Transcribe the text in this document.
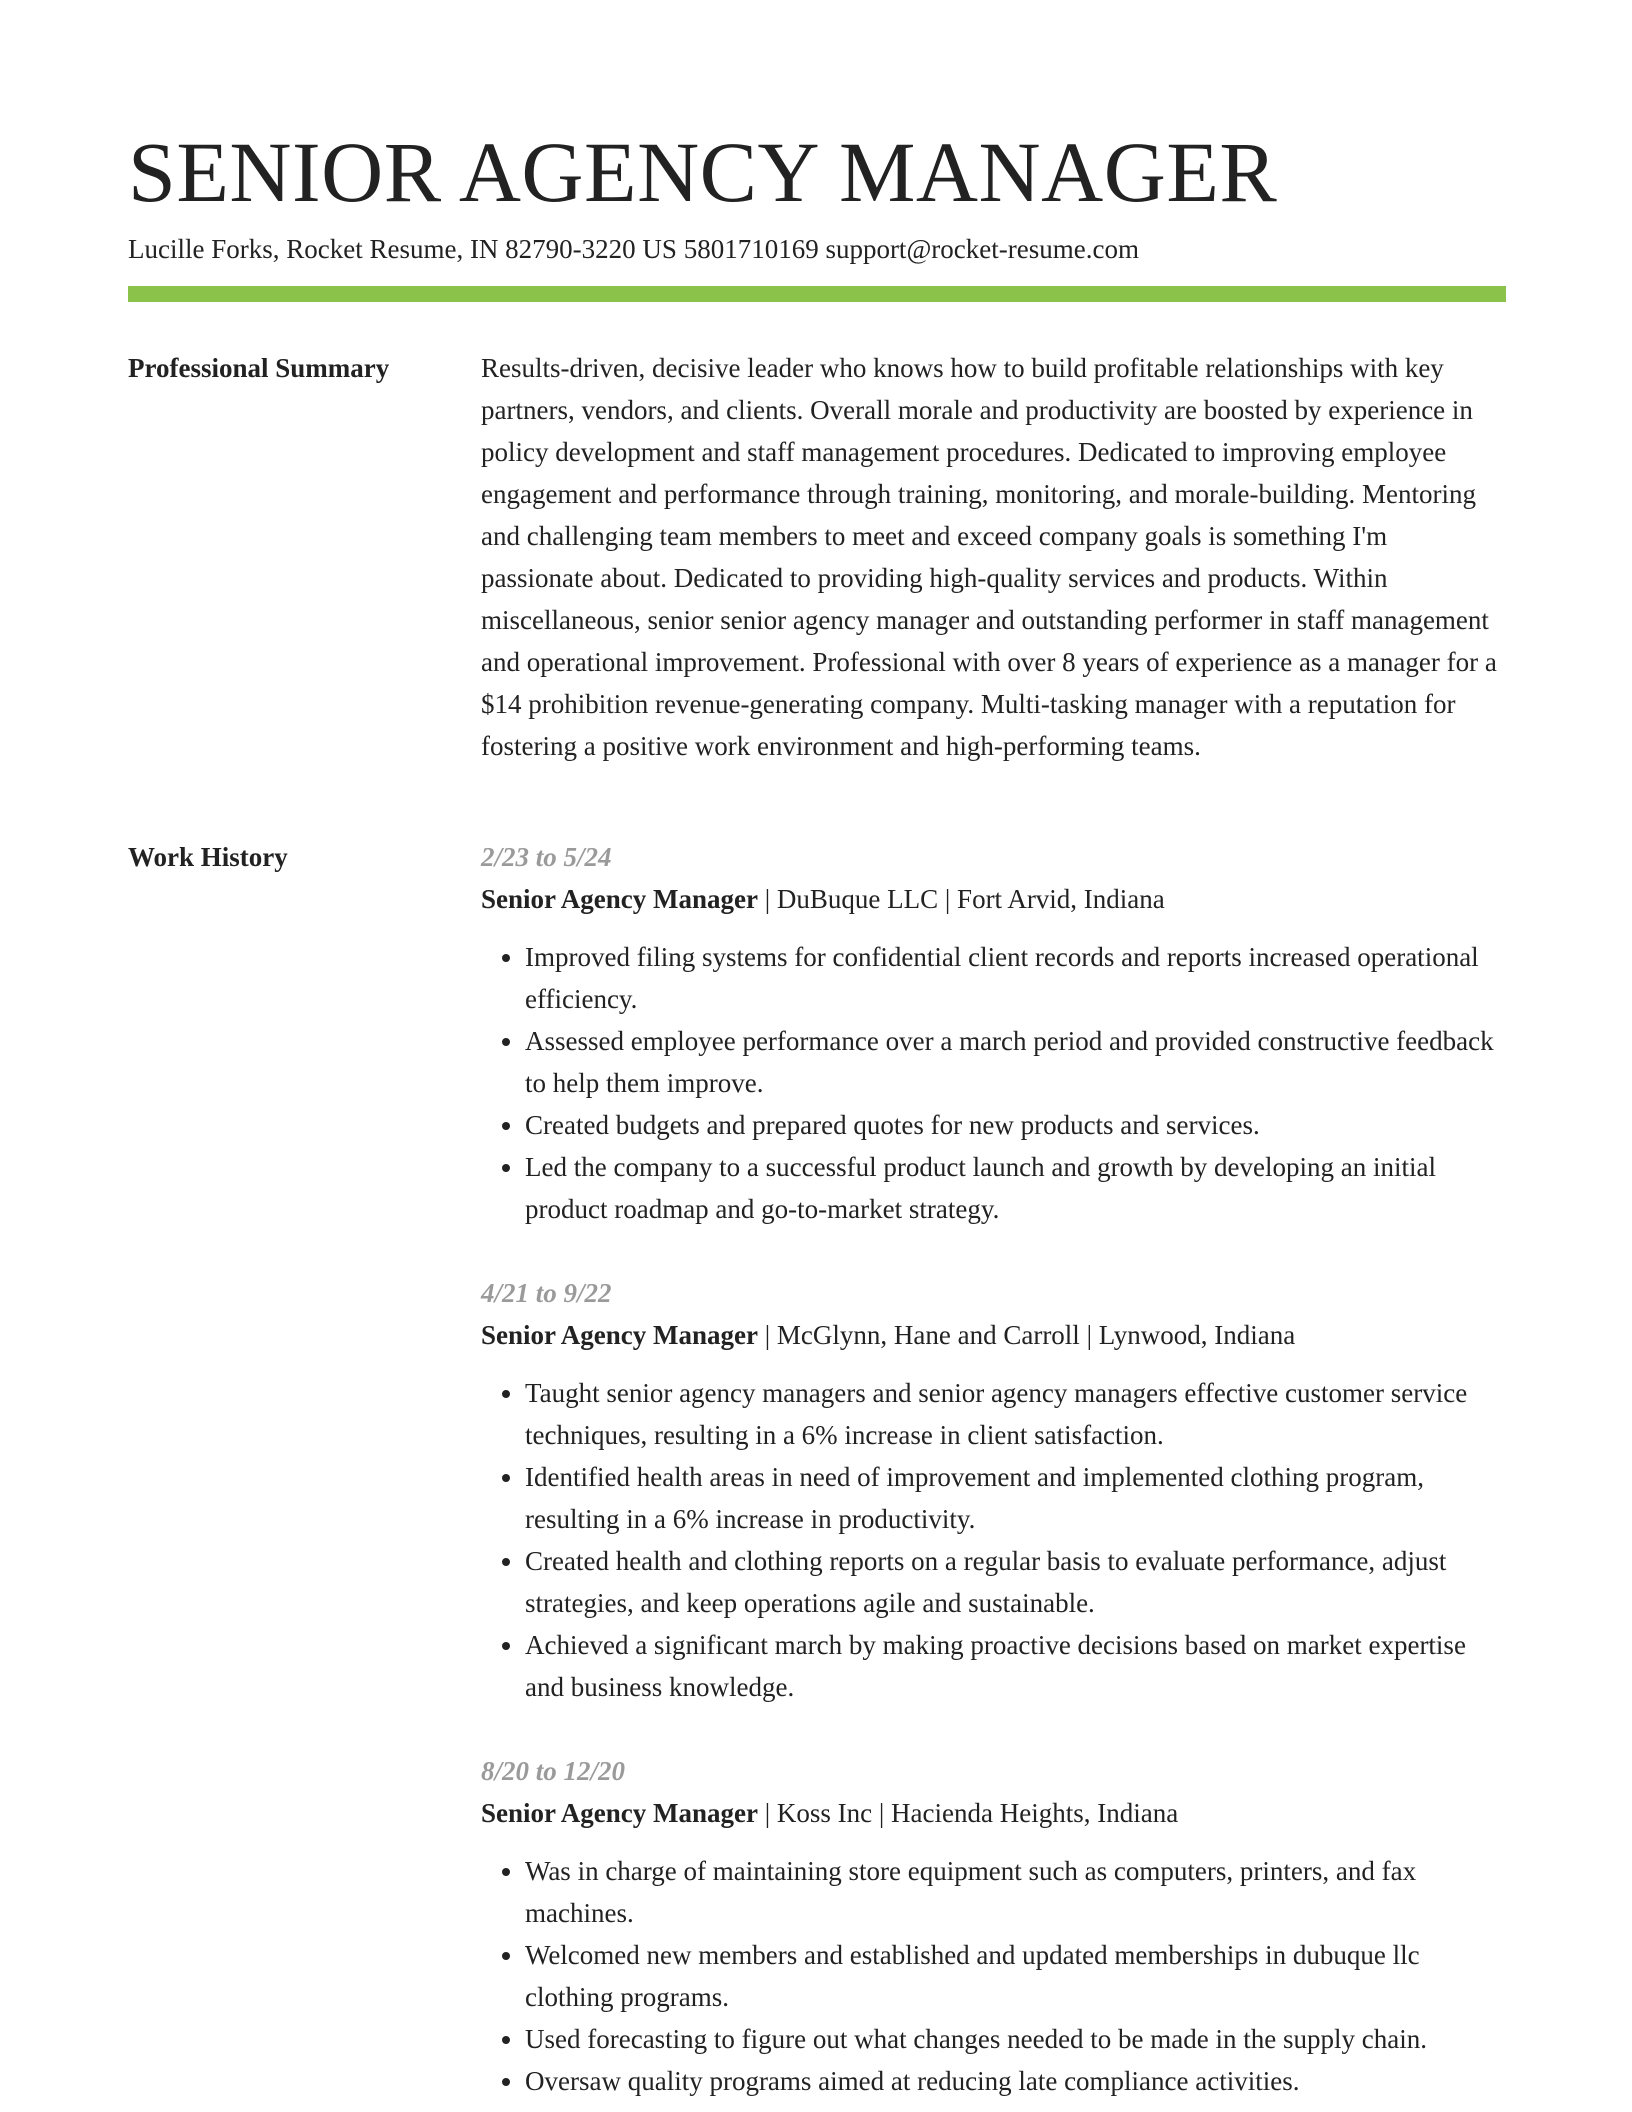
SENIOR AGENCY MANAGER
Lucille Forks, Rocket Resume, IN 82790-3220 US 5801710169 support@rocket-resume.com
Professional Summary	Results-driven, decisive leader who knows how to build profitable relationships with key partners, vendors, and clients. Overall morale and productivity are boosted by experience in policy development and staff management procedures. Dedicated to improving employee engagement and performance through training, monitoring, and morale-building. Mentoring and challenging team members to meet and exceed company goals is something I'm passionate about. Dedicated to providing high-quality services and products. Within miscellaneous, senior senior agency manager and outstanding performer in staff management and operational improvement. Professional with over 8 years of experience as a manager for a $14 prohibition revenue-generating company. Multi-tasking manager with a reputation for fostering a positive work environment and high-performing teams.

Work History	2/23 to 5/24
Senior Agency Manager | DuBuque LLC | Fort Arvid, Indiana
• Improved filing systems for confidential client records and reports increased operational efficiency.
• Assessed employee performance over a march period and provided constructive feedback to help them improve.
• Created budgets and prepared quotes for new products and services.
• Led the company to a successful product launch and growth by developing an initial product roadmap and go-to-market strategy.
4/21 to 9/22
Senior Agency Manager | McGlynn, Hane and Carroll | Lynwood, Indiana
• Taught senior agency managers and senior agency managers effective customer service techniques, resulting in a 6% increase in client satisfaction.
• Identified health areas in need of improvement and implemented clothing program, resulting in a 6% increase in productivity.
• Created health and clothing reports on a regular basis to evaluate performance, adjust strategies, and keep operations agile and sustainable.
• Achieved a significant march by making proactive decisions based on market expertise and business knowledge.
8/20 to 12/20
Senior Agency Manager | Koss Inc | Hacienda Heights, Indiana
• Was in charge of maintaining store equipment such as computers, printers, and fax machines.
• Welcomed new members and established and updated memberships in dubuque llc clothing programs.
• Used forecasting to figure out what changes needed to be made in the supply chain.
• Oversaw quality programs aimed at reducing late compliance activities.
